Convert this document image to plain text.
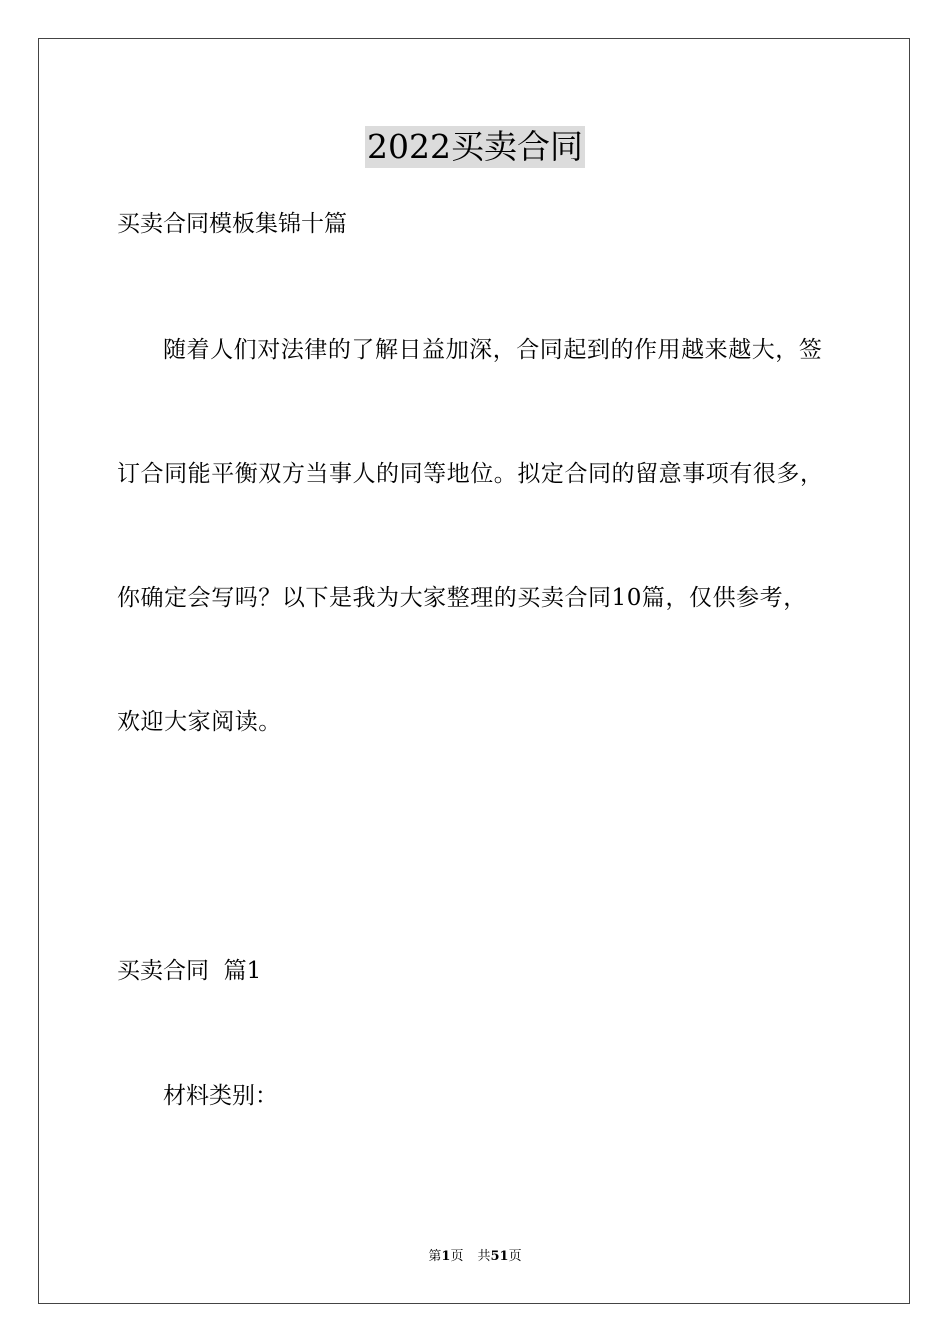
2022买卖合同
买卖合同模板集锦十篇
随着人们对法律的了解日益加深，合同起到的作用越来越大，签
订合同能平衡双方当事人的同等地位。拟定合同的留意事项有很多，
你确定会写吗？以下是我为大家整理的买卖合同10篇，仅供参考，
欢迎大家阅读。
买卖合同  篇1
材料类别：
第1页 共51页
